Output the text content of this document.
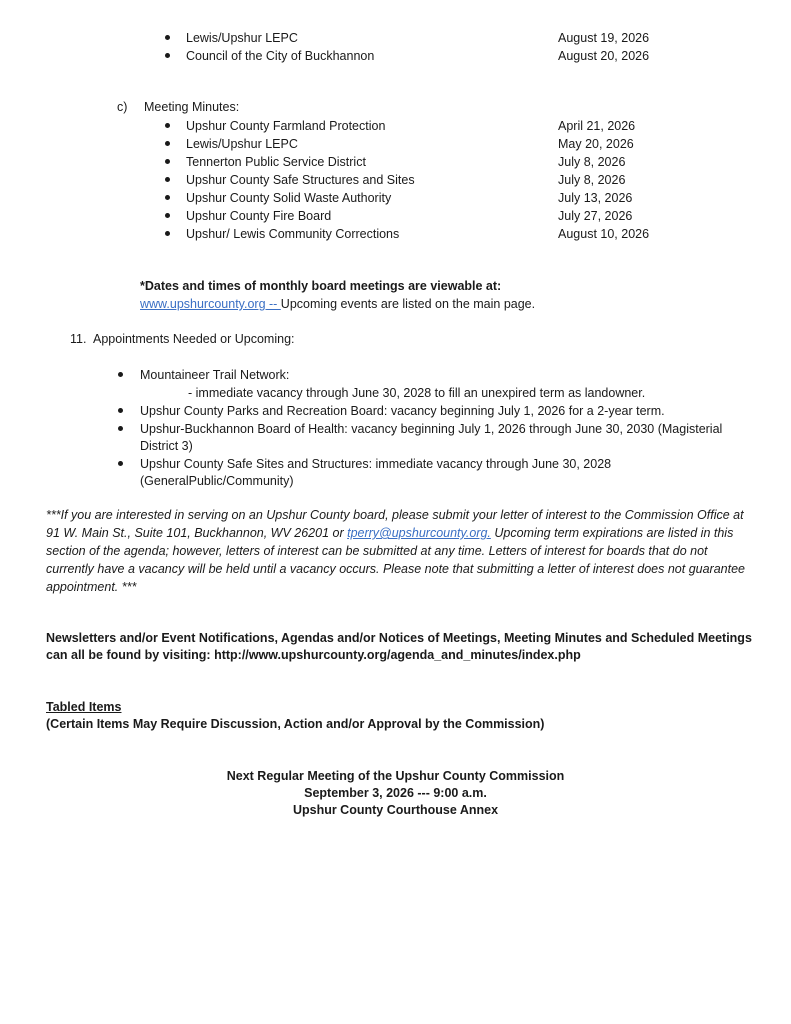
Lewis/Upshur LEPC	August 19, 2026
Council of the City of Buckhannon	August 20, 2026
c) Meeting Minutes:
Upshur County Farmland Protection	April 21, 2026
Lewis/Upshur LEPC	May 20, 2026
Tennerton Public Service District	July 8, 2026
Upshur County Safe Structures and Sites	July 8, 2026
Upshur County Solid Waste Authority	July 13, 2026
Upshur County Fire Board	July 27, 2026
Upshur/ Lewis Community Corrections	August 10, 2026
*Dates and times of monthly board meetings are viewable at:
www.upshurcounty.org -- Upcoming events are listed on the main page.
11. Appointments Needed or Upcoming:
Mountaineer Trail Network:
- immediate vacancy through June 30, 2028 to fill an unexpired term as landowner.
Upshur County Parks and Recreation Board: vacancy beginning July 1, 2026 for a 2-year term.
Upshur-Buckhannon Board of Health: vacancy beginning July 1, 2026 through June 30, 2030 (Magisterial
District 3)
Upshur County Safe Sites and Structures: immediate vacancy through June 30, 2028
(GeneralPublic/Community)
***If you are interested in serving on an Upshur County board, please submit your letter of interest to the Commission Office at 91 W. Main St., Suite 101, Buckhannon, WV 26201 or tperry@upshurcounty.org. Upcoming term expirations are listed in this section of the agenda; however, letters of interest can be submitted at any time. Letters of interest for boards that do not currently have a vacancy will be held until a vacancy occurs. Please note that submitting a letter of interest does not guarantee appointment. ***
Newsletters and/or Event Notifications, Agendas and/or Notices of Meetings, Meeting Minutes and Scheduled Meetings
can all be found by visiting: http://www.upshurcounty.org/agenda_and_minutes/index.php
Tabled Items
(Certain Items May Require Discussion, Action and/or Approval by the Commission)
Next Regular Meeting of the Upshur County Commission
September 3, 2026 --- 9:00 a.m.
Upshur County Courthouse Annex
